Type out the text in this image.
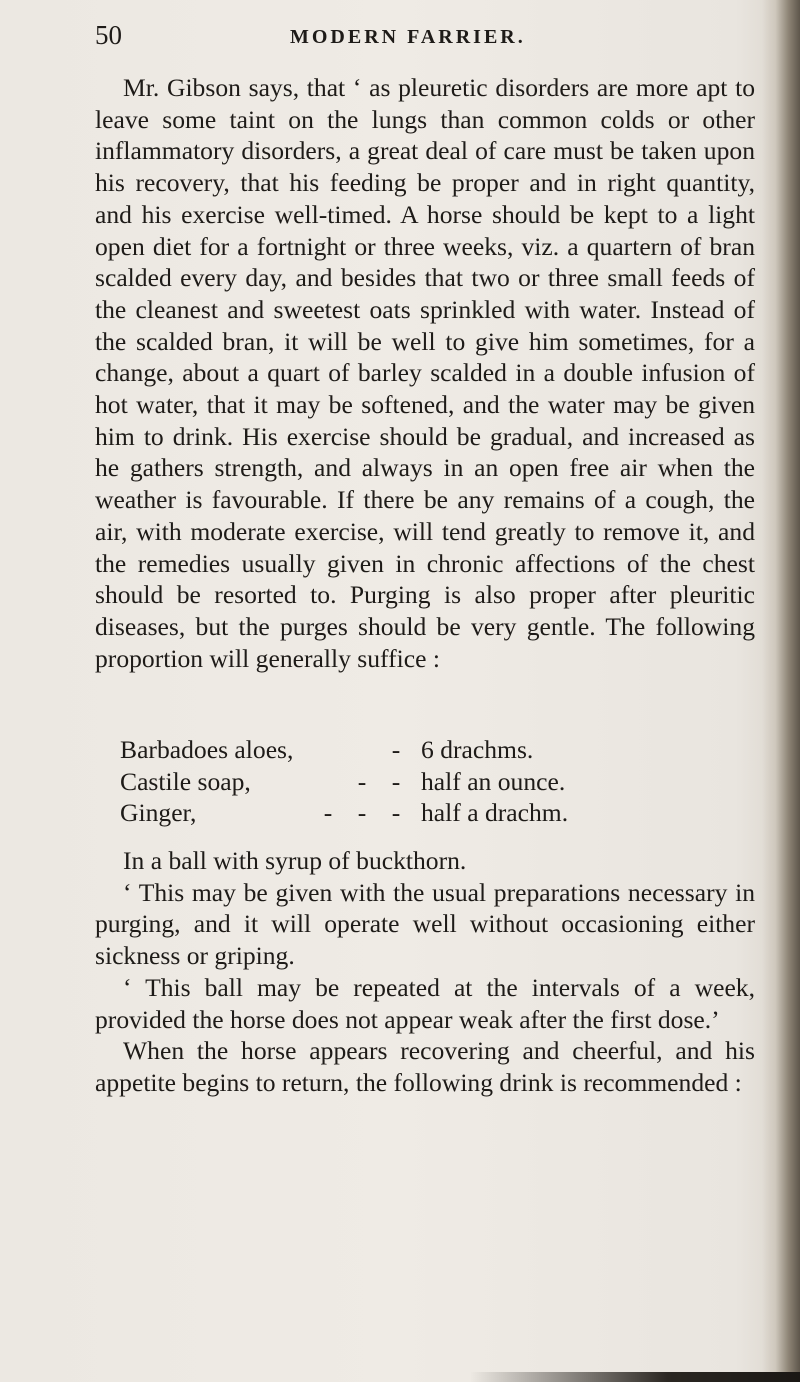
50	MODERN FARRIER.

Mr. Gibson says, that ‘ as pleuretic disorders are more apt to leave some taint on the lungs than common colds or other inflammatory disorders, a great deal of care must be taken upon his recovery, that his feeding be proper and in right quantity, and his exercise well-timed. A horse should be kept to a light open diet for a fortnight or three weeks, viz. a quartern of bran scalded every day, and besides that two or three small feeds of the cleanest and sweetest oats sprinkled with water. Instead of the scalded bran, it will be well to give him sometimes, for a change, about a quart of barley scalded in a double infusion of hot water, that it may be softened, and the water may be given him to drink. His exercise should be gradual, and increased as he gathers strength, and always in an open free air when the weather is favourable. If there be any remains of a cough, the air, with moderate exercise, will tend greatly to remove it, and the remedies usually given in chronic affections of the chest should be resorted to. Purging is also proper after pleuritic diseases, but the purges should be very gentle. The following proportion will generally suffice :

Barbadoes aloes,	- 6 drachms.
Castile soap,	- - half an ounce.
Ginger,	- - - half a drachm.

In a ball with syrup of buckthorn.

‘ This may be given with the usual preparations necessary in purging, and it will operate well without occasioning either sickness or griping.

‘ This ball may be repeated at the intervals of a week, provided the horse does not appear weak after the first dose.’

When the horse appears recovering and cheerful, and his appetite begins to return, the following drink is recommended :
